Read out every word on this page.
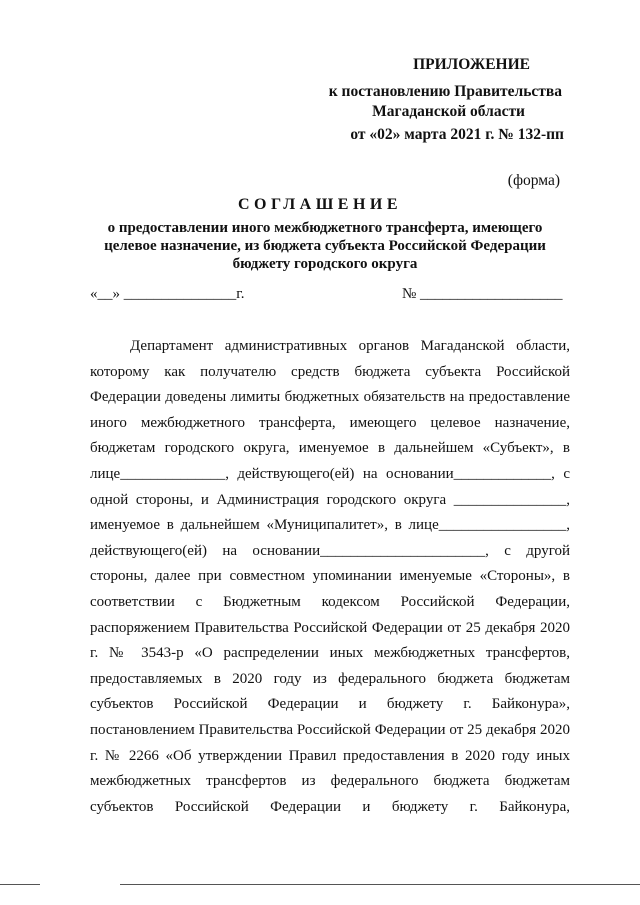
ПРИЛОЖЕНИЕ
к постановлению Правительства
Магаданской области
от «02» марта 2021 г. № 132-пп
(форма)
СОГЛАШЕНИЕ
о предоставлении иного межбюджетного трансферта, имеющего целевое назначение, из бюджета субъекта Российской Федерации бюджету городского округа
«__» _______________г.	№ ___________________
Департамент административных органов Магаданской области, которому как получателю средств бюджета субъекта Российской Федерации доведены лимиты бюджетных обязательств на предоставление иного межбюджетного трансферта, имеющего целевое назначение, бюджетам городского округа, именуемое в дальнейшем «Субъект», в лице______________, действующего(ей) на основании_____________, с одной стороны, и Администрация городского округа _______________, именуемое в дальнейшем «Муниципалитет», в лице_________________, действующего(ей) на основании______________________, с другой стороны, далее при совместном упоминании именуемые «Стороны», в соответствии с Бюджетным кодексом Российской Федерации, распоряжением Правительства Российской Федерации от 25 декабря 2020 г. № 3543-р «О распределении иных межбюджетных трансфертов, предоставляемых в 2020 году из федерального бюджета бюджетам субъектов Российской Федерации и бюджету г. Байконура», постановлением Правительства Российской Федерации от 25 декабря 2020 г. № 2266 «Об утверждении Правил предоставления в 2020 году иных межбюджетных трансфертов из федерального бюджета бюджетам субъектов Российской Федерации и бюджету г. Байконура,
